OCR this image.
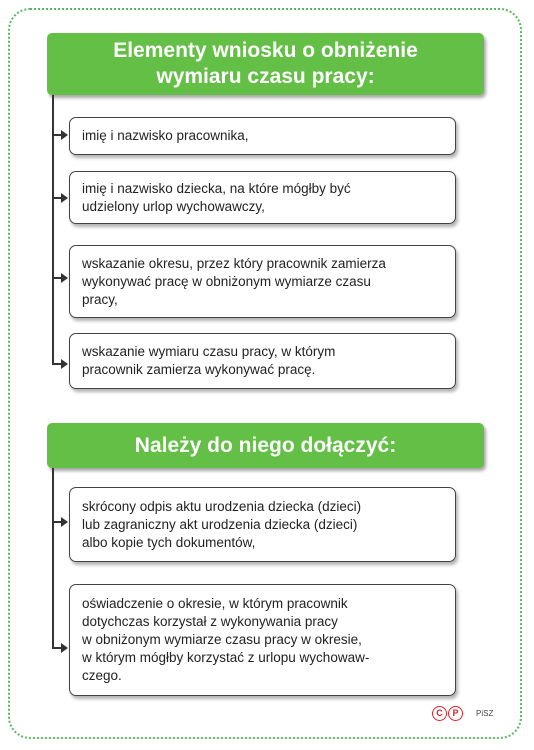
Elementy wniosku o obniżenie
wymiaru czasu pracy:
imię i nazwisko pracownika,
imię i nazwisko dziecka, na które mógłby być
udzielony urlop wychowawczy,
wskazanie okresu, przez który pracownik zamierza
wykonywać pracę w obniżonym wymiarze czasu
pracy,
wskazanie wymiaru czasu pracy, w którym
pracownik zamierza wykonywać pracę.
Należy do niego dołączyć:
skrócony odpis aktu urodzenia dziecka (dzieci)
lub zagraniczny akt urodzenia dziecka (dzieci)
albo kopie tych dokumentów,
oświadczenie o okresie, w którym pracownik
dotychczas korzystał z wykonywania pracy
w obniżonym wymiarze czasu pracy w okresie,
w którym mógłby korzystać z urlopu wychowaw-
czego.
C	P	PiSZ
